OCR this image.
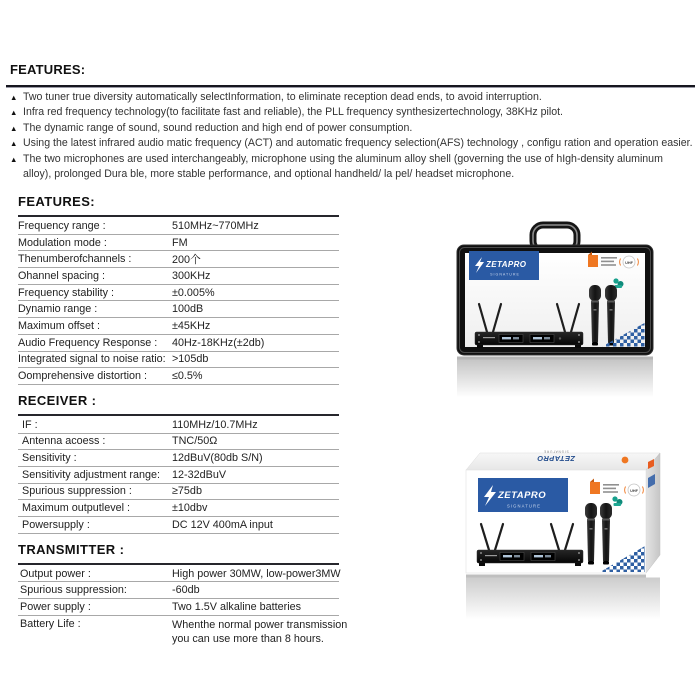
FEATURES:
▲ Two tuner true diversity automatically selectInformation, to eliminate reception dead ends, to avoid interruption.
▲ Infra red frequency technology(to facilitate fast and reliable), the PLL frequency synthesizertechnology, 38KHz pilot.
▲ The dynamic range of sound, sound reduction and high end of power consumption.
▲ Using the latest infrared audio matic frequency (ACT) and automatic frequency selection(AFS) technology , configu ration and operation easier.
▲ The two microphones are used interchangeably, microphone using the aluminum alloy shell (governing the use of hIgh-density aluminum alloy), prolonged Dura ble, more stable performance, and optional handheld/ la pel/ headset microphone.
FEATURES:
Frequency range :	510MHz~770MHz
Modulation mode :	FM
Thenumberofchannels :	200个
Ohannel spacing :	300KHz
Frequency stability :	±0.005%
Dynamio range :	100dB
Maximum offset :	±45KHz
Audio Frequency Response :	40Hz-18KHz(±2db)
Integrated signal to noise ratio: >105db
Oomprehensive distortion :	≤0.5%
RECEIVER :
IF :	110MHz/10.7MHz
Antenna acoess :	TNC/50Ω
Sensitivity :	12dBuV(80db S/N)
Sensitivity adjustment range:	12-32dBuV
Spurious suppression :	≥75db
Maximum outputlevel :	±10dbv
Powersupply :	DC 12V 400mA input
TRANSMITTER :
Output power :	High power 30MW, low-power3MW
Spurious suppression:	-60db
Power supply :	Two 1.5V alkaline batteries
Battery Life :	Whenthe normal power transmission
you can use more than 8 hours.
ZETAPRO
SIGNATURE
UHF
ZETAPRO
SIGNATURE
ZETAPRO
SIGNATURE
UHF
